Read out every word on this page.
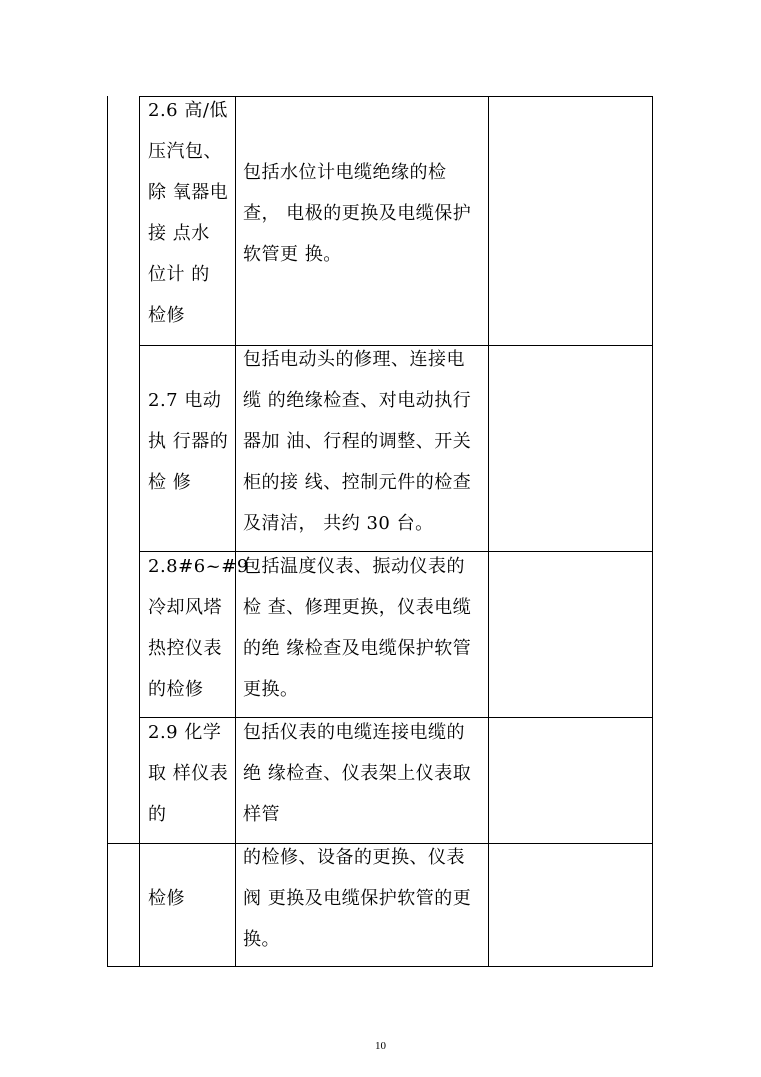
2.6 高/低
压汽包、
除 氧器电
接 点水
位计 的
检修
包括水位计电缆绝缘的检
查， 电极的更换及电缆保护
软管更 换。
2.7 电动
执 行器的
检 修
包括电动头的修理、连接电
缆 的绝缘检查、对电动执行
器加 油、行程的调整、开关
柜的接 线、控制元件的检查
及清洁， 共约 30 台。
2.8#6~#9
冷却风塔
热控仪表
的检修
包括温度仪表、振动仪表的
检 查、修理更换，仪表电缆
的绝 缘检查及电缆保护软管
更换。
2.9 化学
取 样仪表
的
包括仪表的电缆连接电缆的
绝 缘检查、仪表架上仪表取
样管
检修
的检修、设备的更换、仪表
阀 更换及电缆保护软管的更
换。
10
